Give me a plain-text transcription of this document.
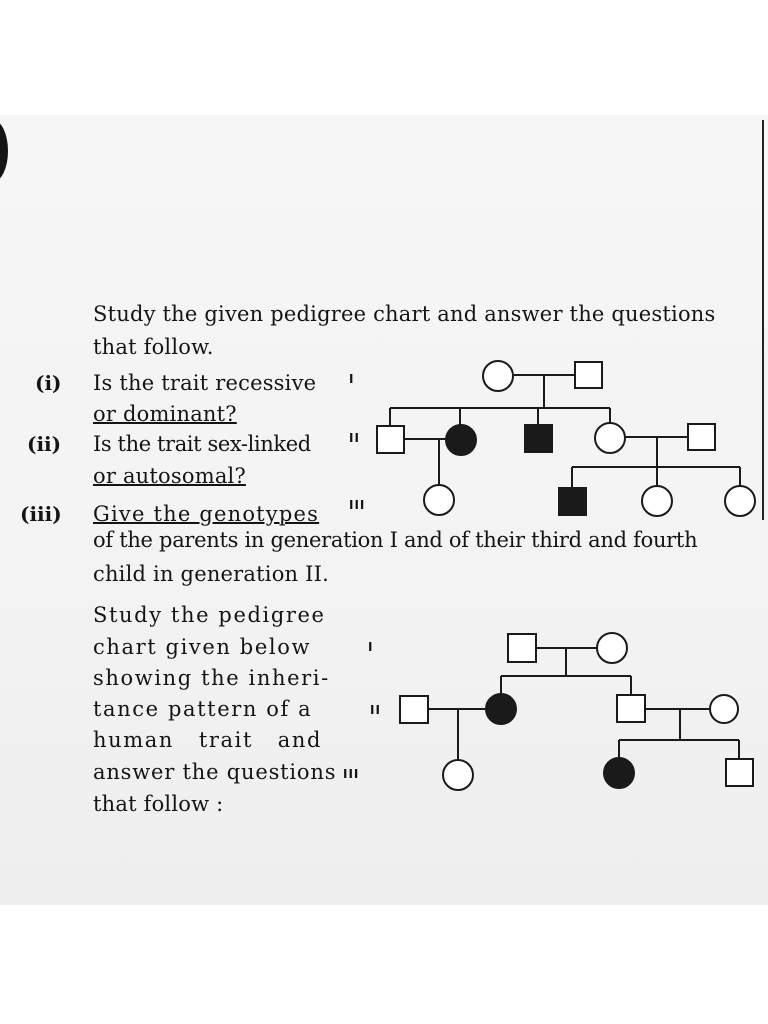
Study the given pedigree chart and answer the questions
that follow.
(i) Is the trait recessive
or dominant?
(ii) Is the trait sex-linked
or autosomal?
(iii) Give the genotypes
of the parents in generation I and of their third and fourth
child in generation II.
I
II
III
Study the pedigree
chart given below
showing the inheri-
tance pattern of a
human   trait   and
answer the questions
that follow :
I
II
III
